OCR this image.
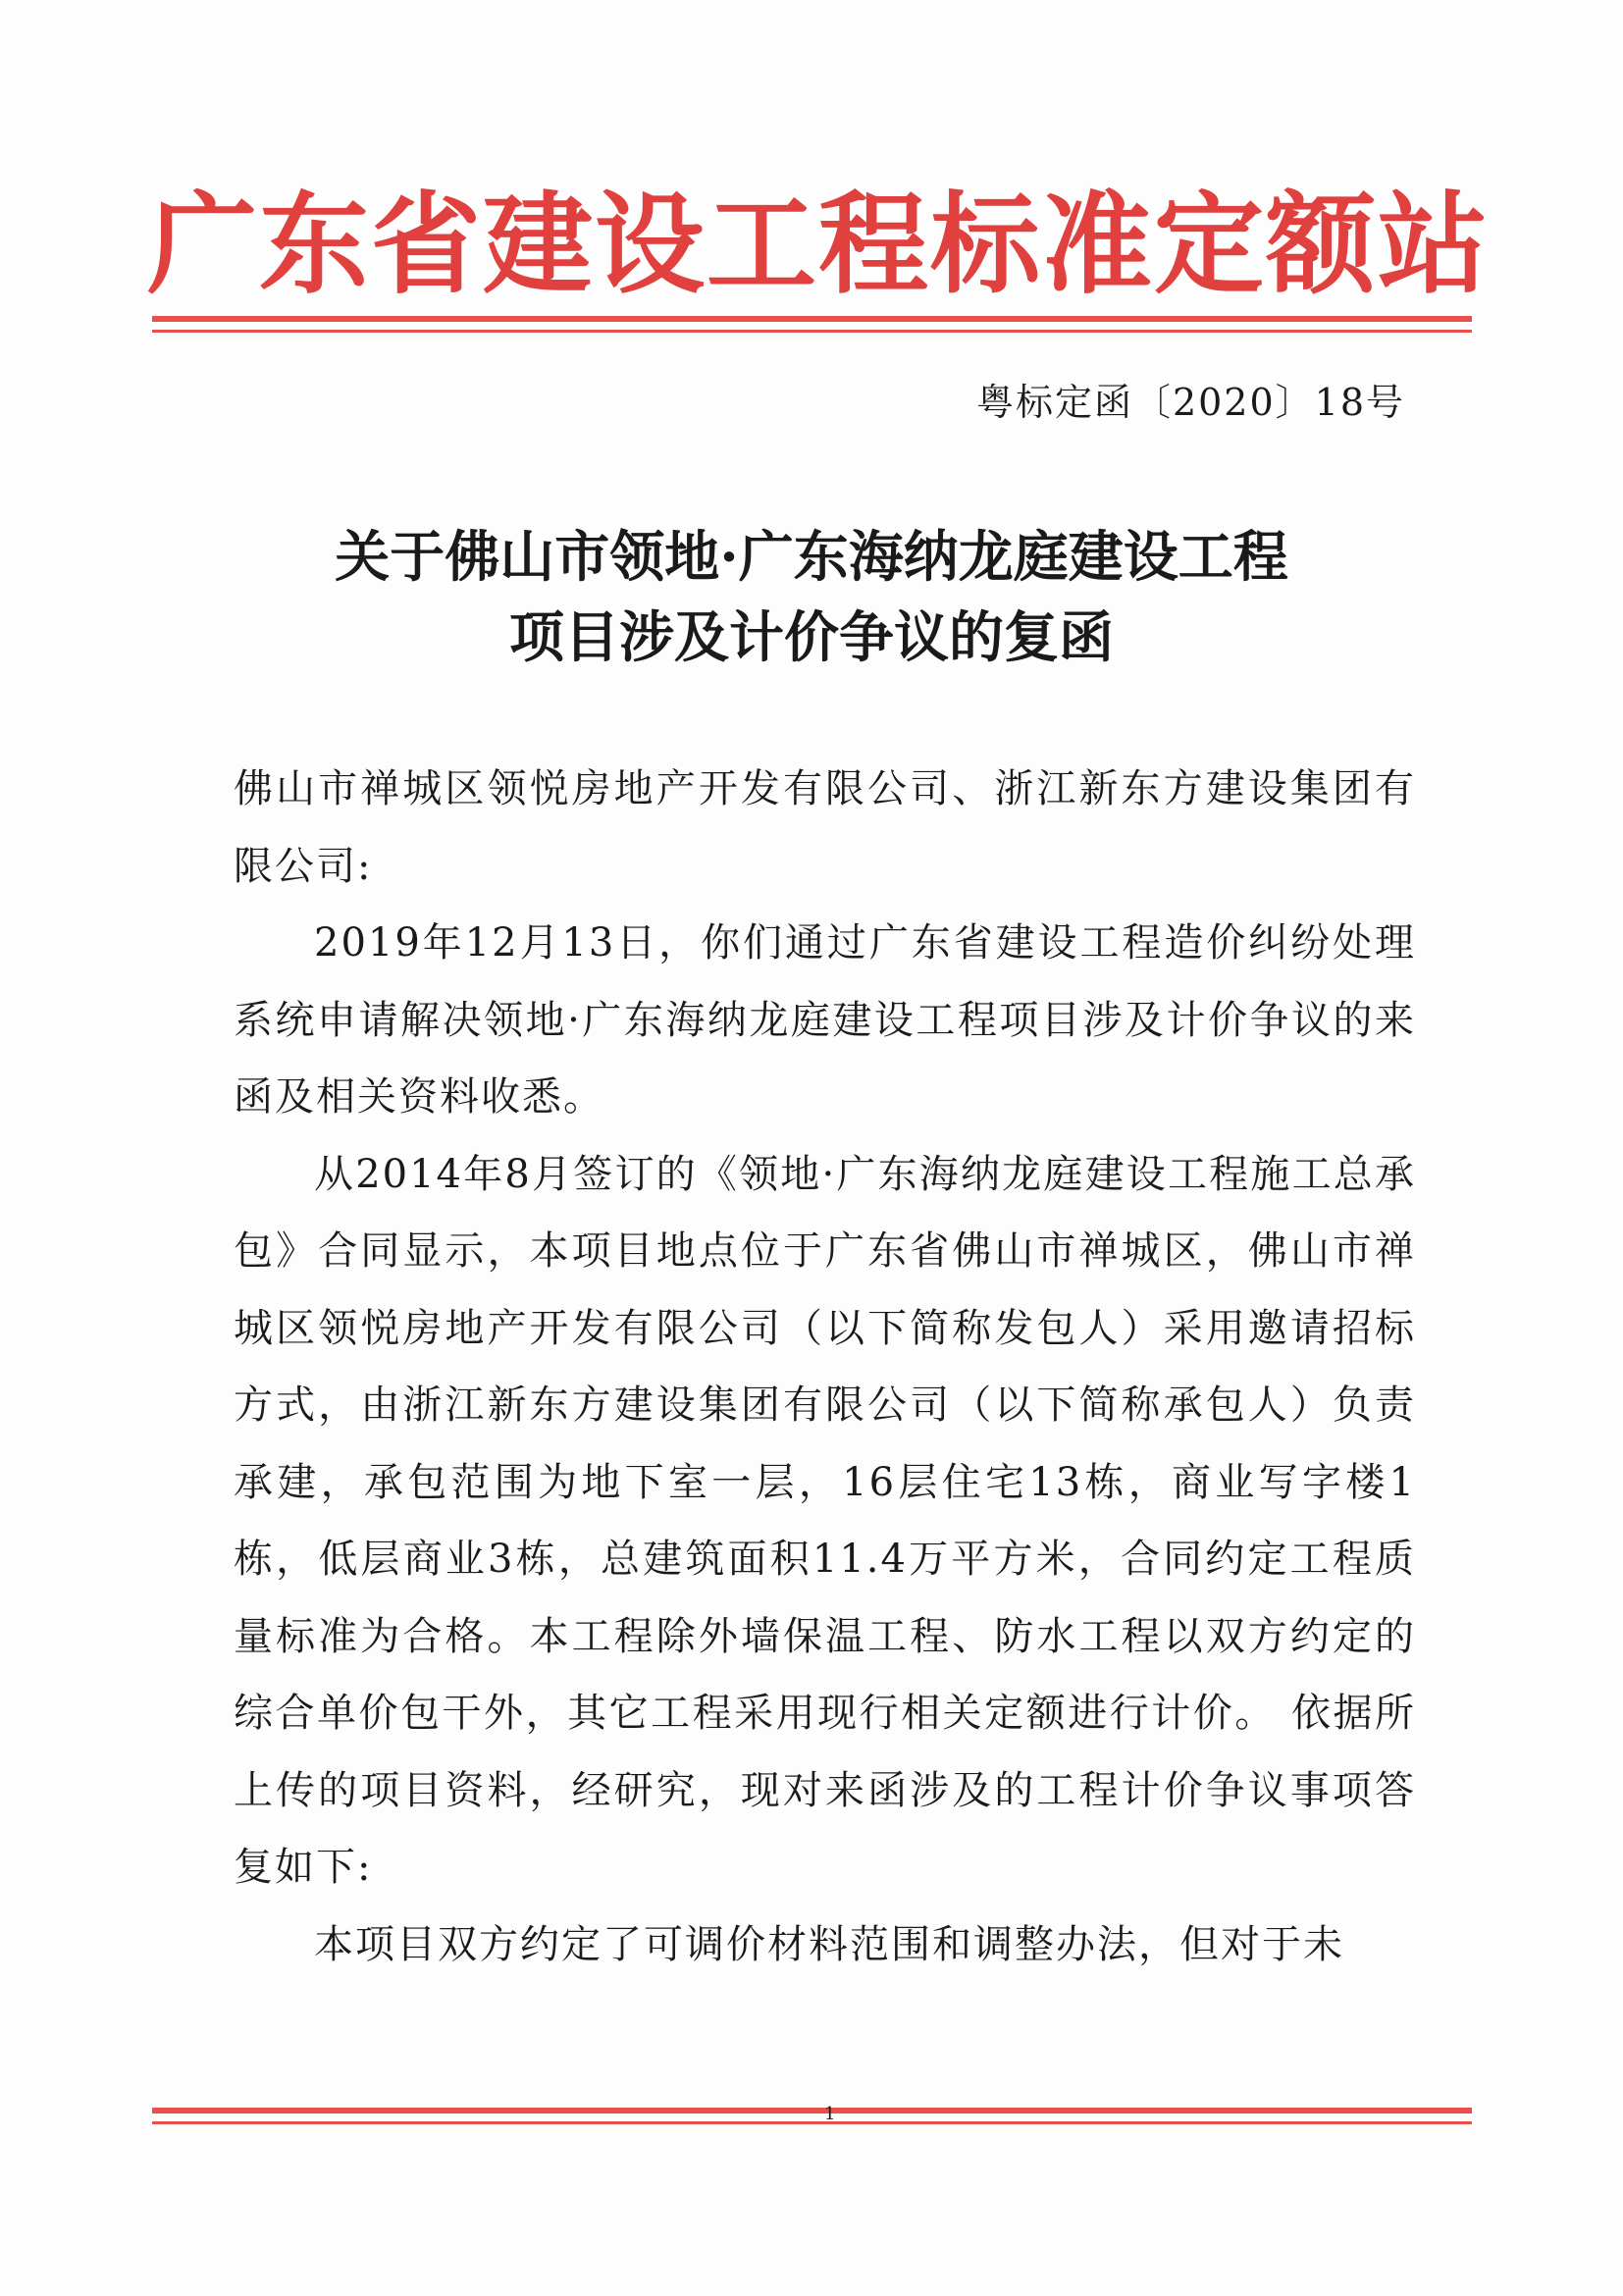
广东省建设工程标准定额站
粤标定函〔2020〕18号
关于佛山市领地·广东海纳龙庭建设工程
项目涉及计价争议的复函

佛山市禅城区领悦房地产开发有限公司、浙江新东方建设集团有限公司:

2019年12月13日，你们通过广东省建设工程造价纠纷处理系统申请解决领地·广东海纳龙庭建设工程项目涉及计价争议的来函及相关资料收悉。

从2014年8月签订的《领地·广东海纳龙庭建设工程施工总承包》合同显示，本项目地点位于广东省佛山市禅城区，佛山市禅城区领悦房地产开发有限公司（以下简称发包人）采用邀请招标方式，由浙江新东方建设集团有限公司（以下简称承包人）负责承建，承包范围为地下室一层，16层住宅13栋，商业写字楼1栋，低层商业3栋，总建筑面积11.4万平方米，合同约定工程质量标准为合格。本工程除外墙保温工程、防水工程以双方约定的综合单价包干外，其它工程采用现行相关定额进行计价。 依据所上传的项目资料，经研究，现对来函涉及的工程计价争议事项答复如下:

本项目双方约定了可调价材料范围和调整办法，但对于未

1
